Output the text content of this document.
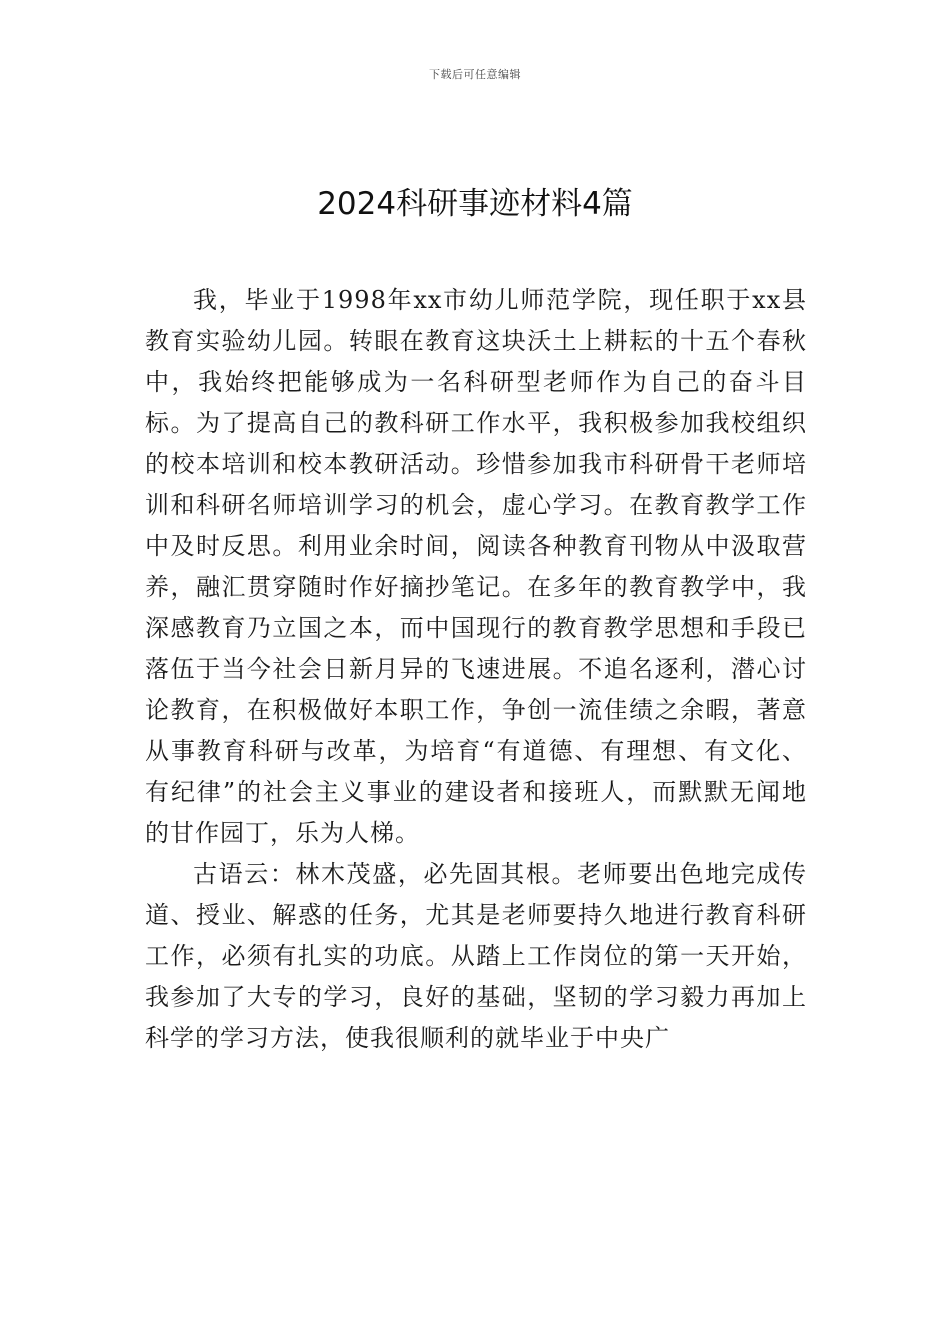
下载后可任意编辑
2024科研事迹材料4篇

我，毕业于1998年xx市幼儿师范学院，现任职于xx县教育实验幼儿园。转眼在教育这块沃土上耕耘的十五个春秋中，我始终把能够成为一名科研型老师作为自己的奋斗目标。为了提高自己的教科研工作水平，我积极参加我校组织的校本培训和校本教研活动。珍惜参加我市科研骨干老师培训和科研名师培训学习的机会，虚心学习。在教育教学工作中及时反思。利用业余时间，阅读各种教育刊物从中汲取营养，融汇贯穿随时作好摘抄笔记。在多年的教育教学中，我深感教育乃立国之本，而中国现行的教育教学思想和手段已落伍于当今社会日新月异的飞速进展。不追名逐利，潜心讨论教育，在积极做好本职工作，争创一流佳绩之余暇，著意从事教育科研与改革，为培育“有道德、有理想、有文化、有纪律”的社会主义事业的建设者和接班人，而默默无闻地的甘作园丁，乐为人梯。

古语云：林木茂盛，必先固其根。老师要出色地完成传道、授业、解惑的任务，尤其是老师要持久地进行教育科研工作，必须有扎实的功底。从踏上工作岗位的第一天开始，我参加了大专的学习，良好的基础，坚韧的学习毅力再加上科学的学习方法，使我很顺利的就毕业于中央广
